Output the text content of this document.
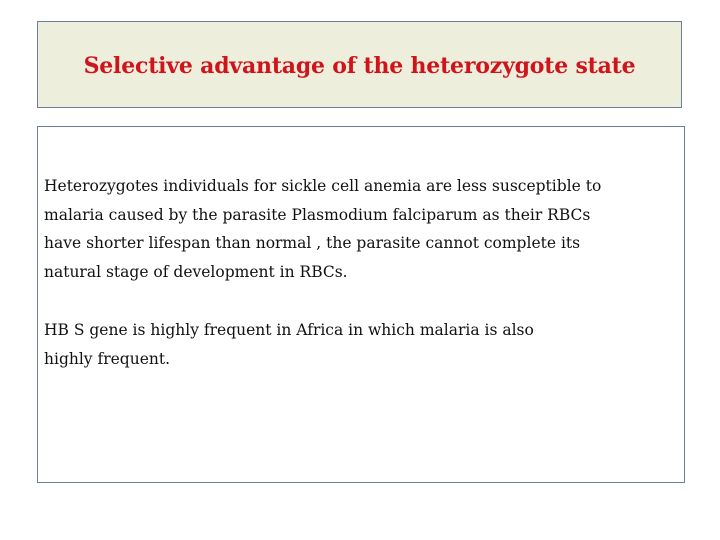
Selective advantage of the heterozygote state

Heterozygotes individuals for sickle cell anemia are less susceptible to
malaria caused by the parasite Plasmodium falciparum as their RBCs
have shorter lifespan than normal , the parasite cannot complete its
natural stage of development in RBCs.

HB S gene is highly frequent in Africa in which malaria is also
highly frequent.
